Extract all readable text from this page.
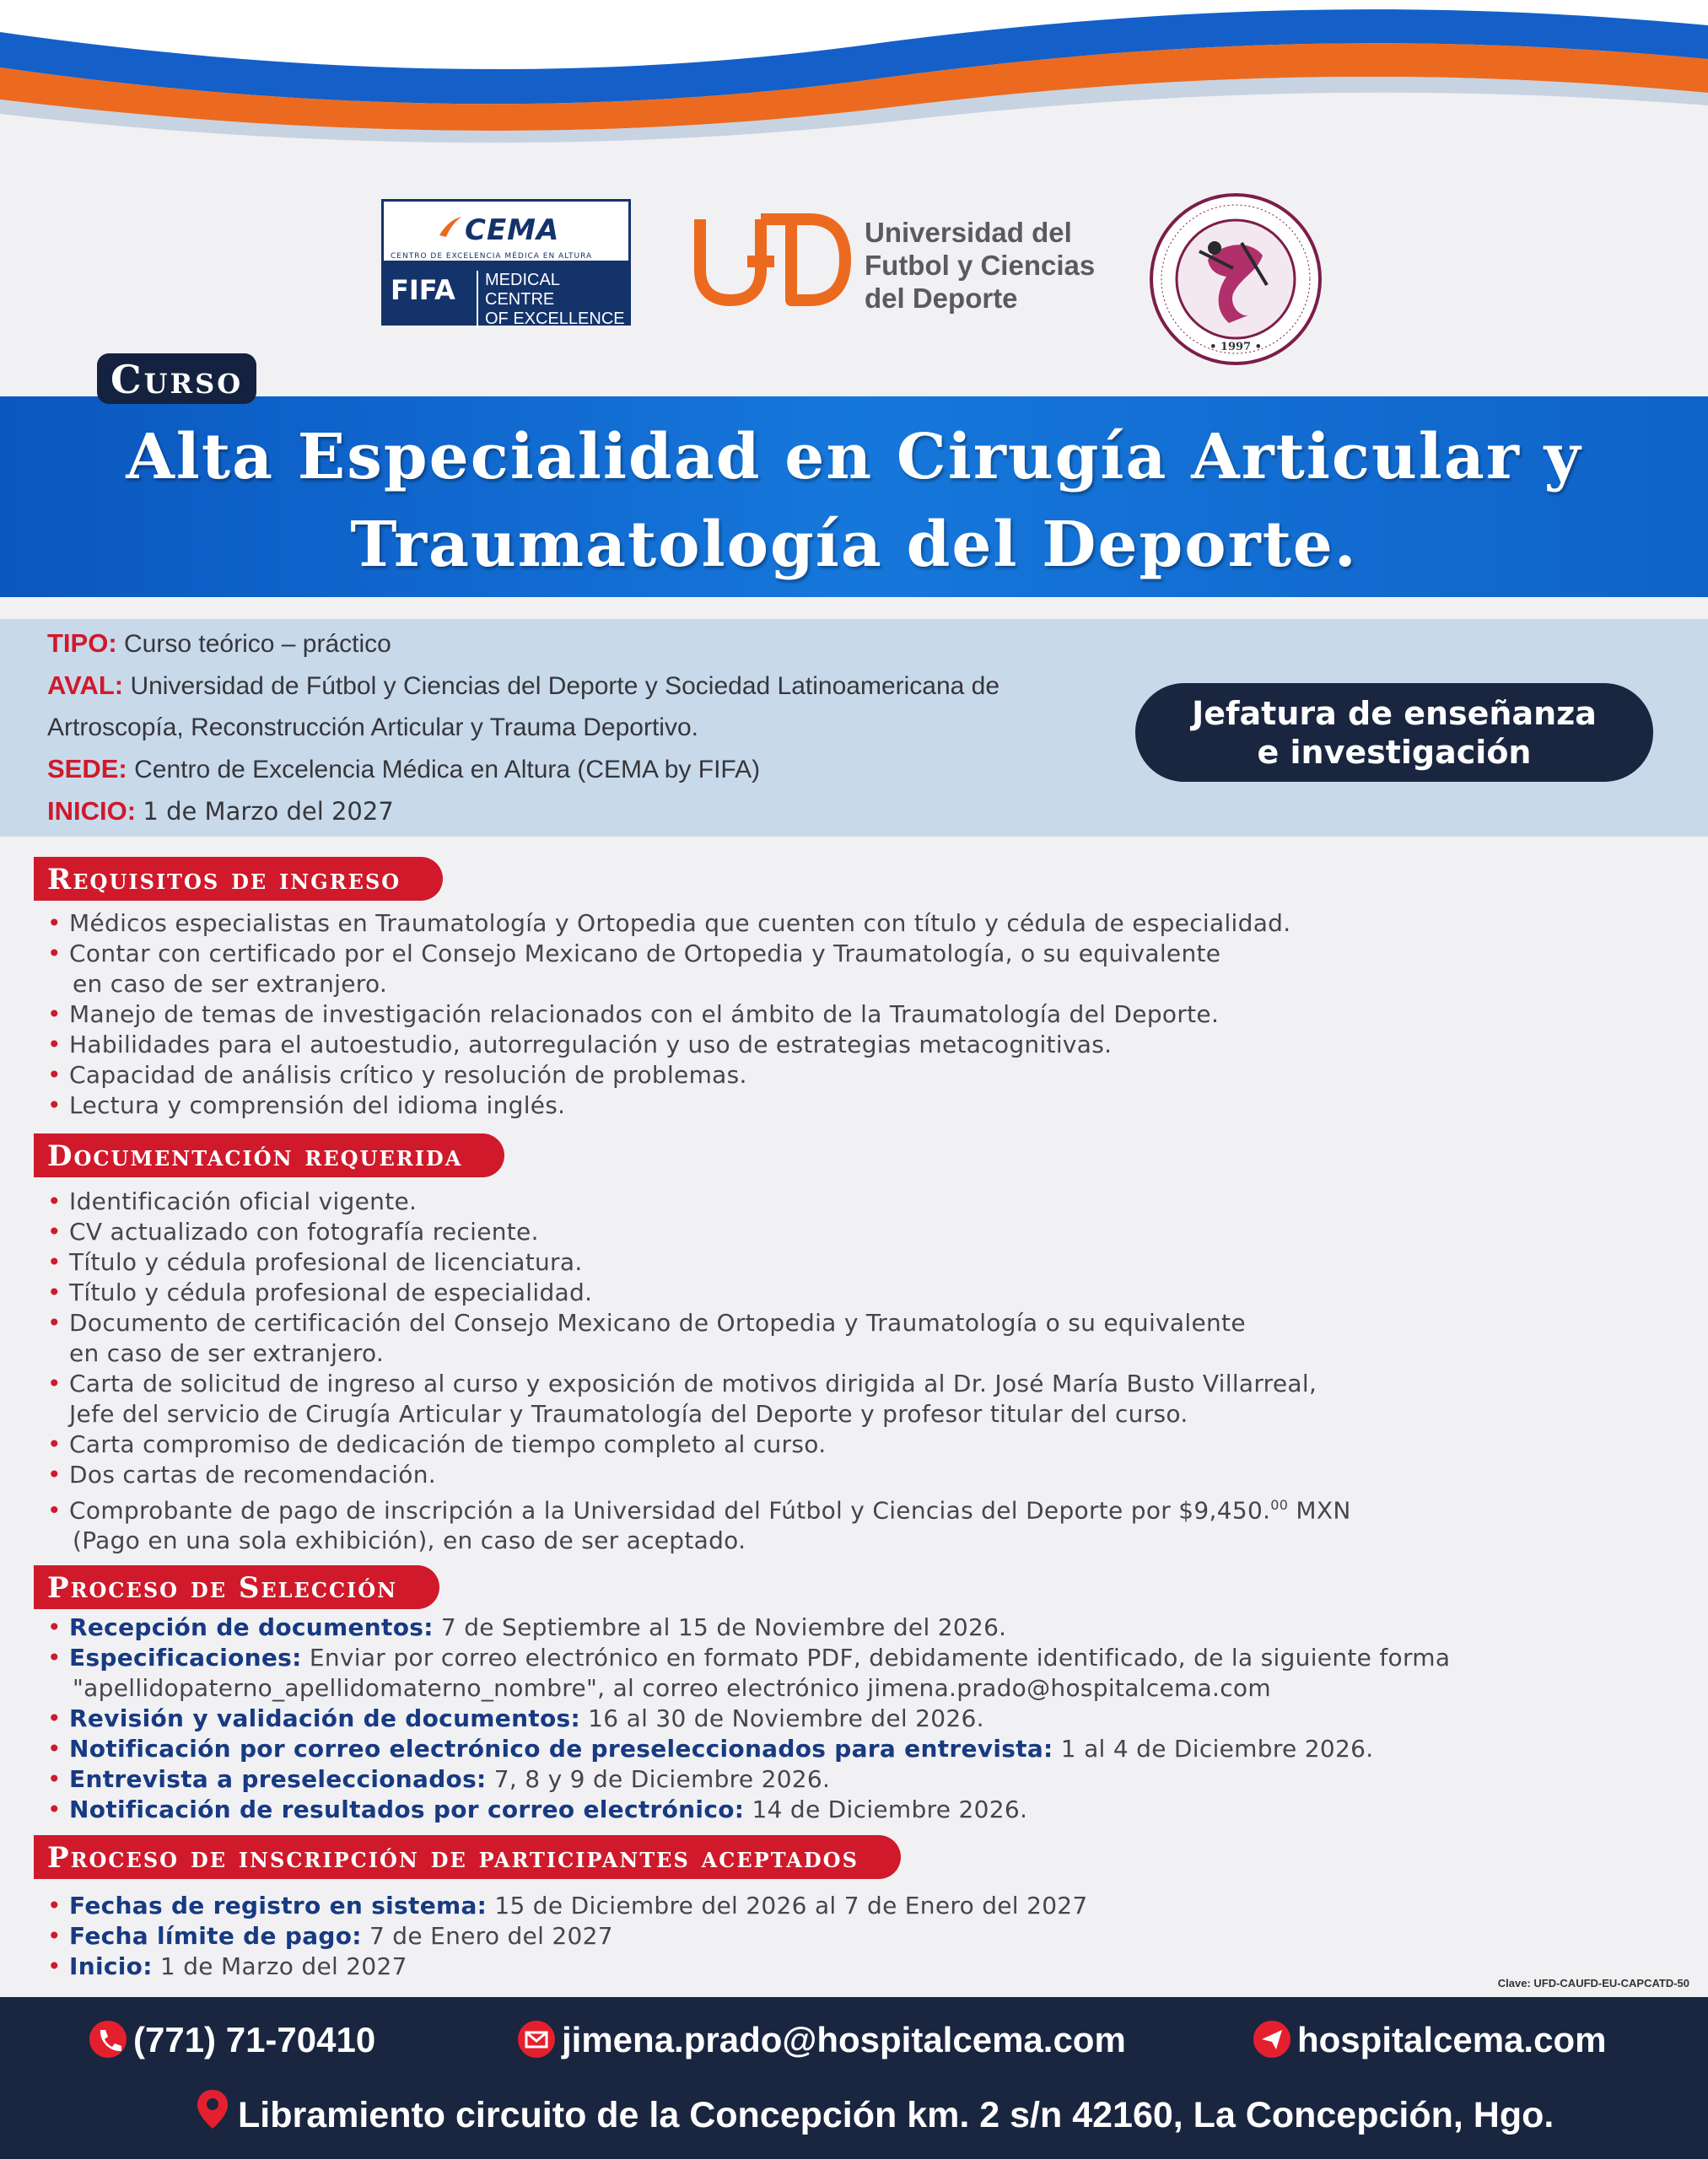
CEMA
CENTRO DE EXCELENCIA MÉDICA EN ALTURA
FIFA MEDICAL CENTRE
OF EXCELLENCE
Universidad del
Futbol y Ciencias
del Deporte
• 1997 •
Curso
Alta Especialidad en Cirugía Articular y
Traumatología del Deporte.
TIPO: Curso teórico – práctico
AVAL: Universidad de Fútbol y Ciencias del Deporte y Sociedad Latinoamericana de
Artroscopía, Reconstrucción Articular y Trauma Deportivo.
SEDE: Centro de Excelencia Médica en Altura (CEMA by FIFA)
INICIO: 1 de Marzo del 2027
Jefatura de enseñanza
e investigación
Requisitos de ingreso
• Médicos especialistas en Traumatología y Ortopedia que cuenten con título y cédula de especialidad.
• Contar con certificado por el Consejo Mexicano de Ortopedia y Traumatología, o su equivalente
en caso de ser extranjero.
• Manejo de temas de investigación relacionados con el ámbito de la Traumatología del Deporte.
• Habilidades para el autoestudio, autorregulación y uso de estrategias metacognitivas.
• Capacidad de análisis crítico y resolución de problemas.
• Lectura y comprensión del idioma inglés.
Documentación requerida
• Identificación oficial vigente.
• CV actualizado con fotografía reciente.
• Título y cédula profesional de licenciatura.
• Título y cédula profesional de especialidad.
• Documento de certificación del Consejo Mexicano de Ortopedia y Traumatología o su equivalente
en caso de ser extranjero.
• Carta de solicitud de ingreso al curso y exposición de motivos dirigida al Dr. José María Busto Villarreal,
Jefe del servicio de Cirugía Articular y Traumatología del Deporte y profesor titular del curso.
• Carta compromiso de dedicación de tiempo completo al curso.
• Dos cartas de recomendación.
• Comprobante de pago de inscripción a la Universidad del Fútbol y Ciencias del Deporte por $9,450.00 MXN
(Pago en una sola exhibición), en caso de ser aceptado.
Proceso de Selección
• Recepción de documentos: 7 de Septiembre al 15 de Noviembre del 2026.
• Especificaciones: Enviar por correo electrónico en formato PDF, debidamente identificado, de la siguiente forma
"apellidopaterno_apellidomaterno_nombre", al correo electrónico jimena.prado@hospitalcema.com
• Revisión y validación de documentos: 16 al 30 de Noviembre del 2026.
• Notificación por correo electrónico de preseleccionados para entrevista: 1 al 4 de Diciembre 2026.
• Entrevista a preseleccionados: 7, 8 y 9 de Diciembre 2026.
• Notificación de resultados por correo electrónico: 14 de Diciembre 2026.
Proceso de inscripción de participantes aceptados
• Fechas de registro en sistema: 15 de Diciembre del 2026 al 7 de Enero del 2027
• Fecha límite de pago: 7 de Enero del 2027
• Inicio: 1 de Marzo del 2027
Clave: UFD-CAUFD-EU-CAPCATD-50
(771) 71-70410	jimena.prado@hospitalcema.com	hospitalcema.com
Libramiento circuito de la Concepción km. 2 s/n 42160, La Concepción, Hgo.
